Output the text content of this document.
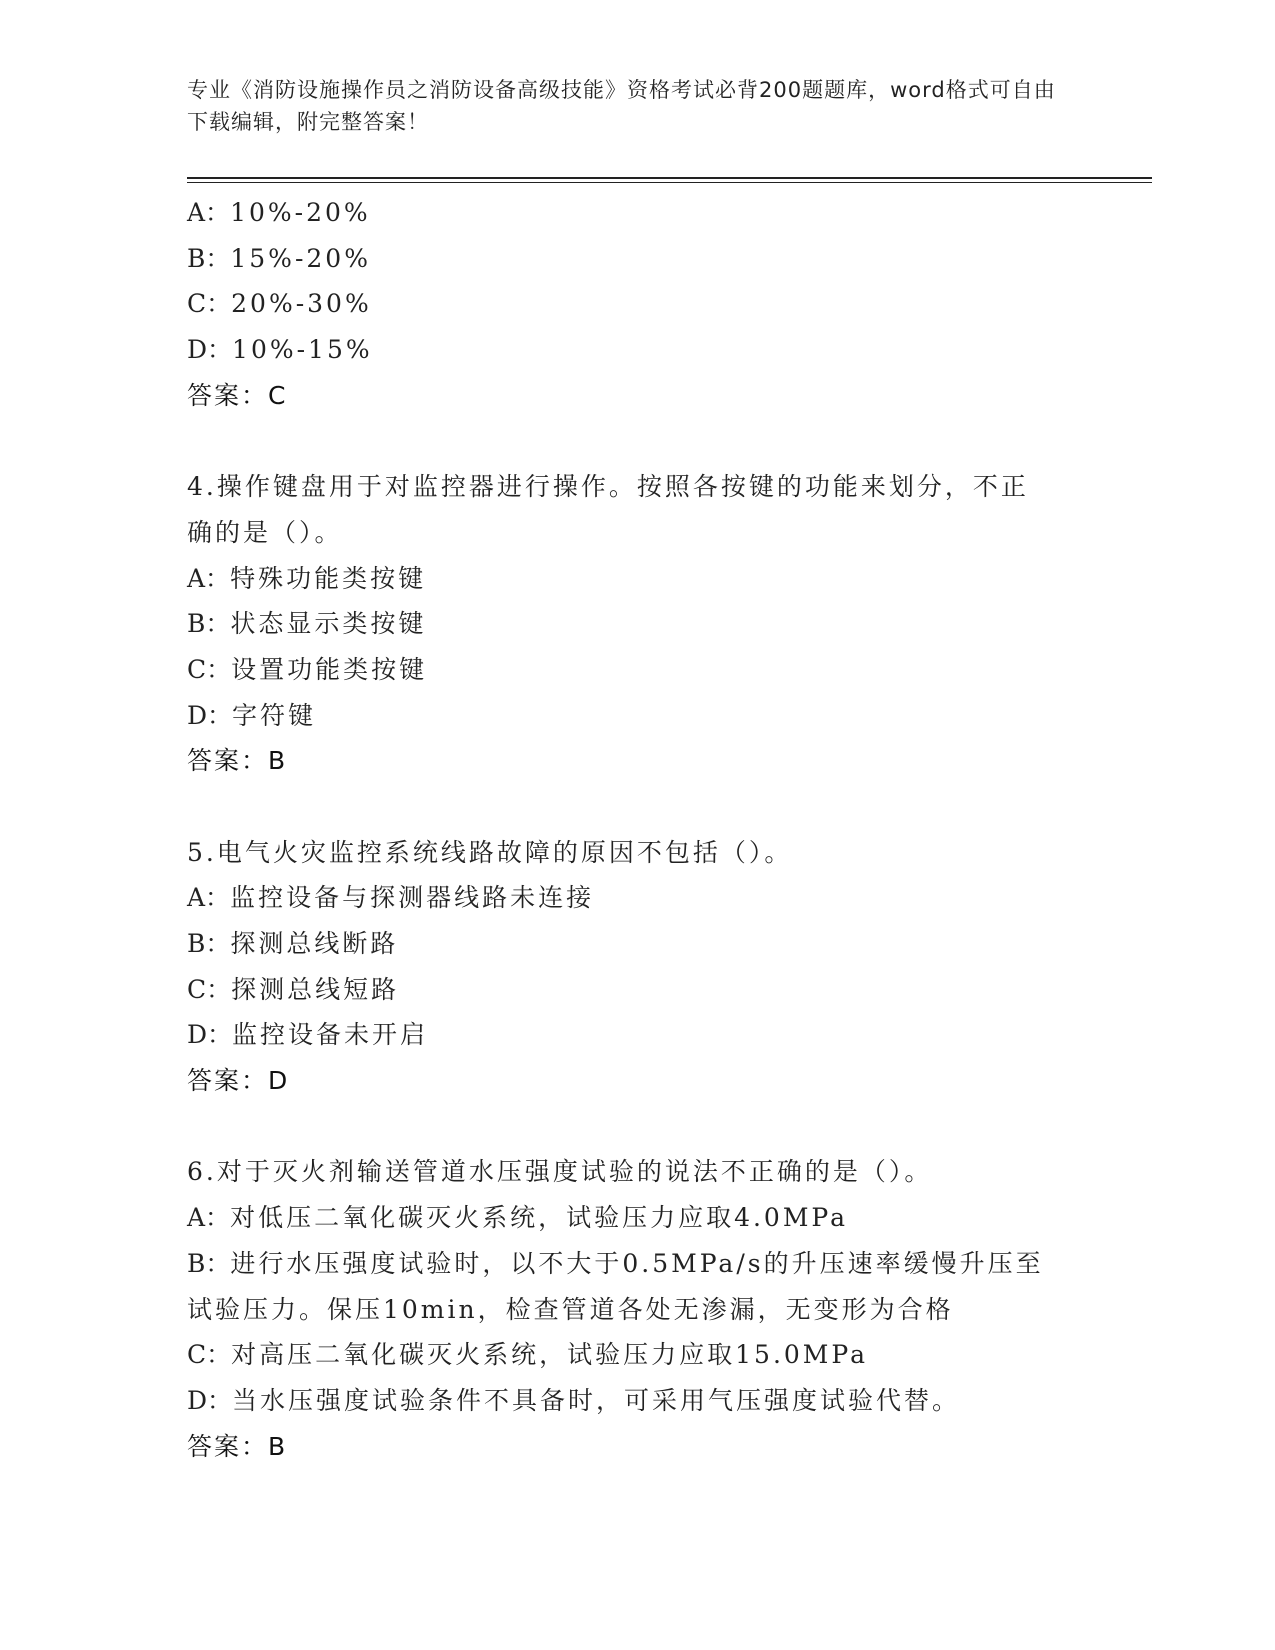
专业《消防设施操作员之消防设备高级技能》资格考试必背200题题库，word格式可自由下载编辑，附完整答案！
A：10%-20%
B：15%-20%
C：20%-30%
D：10%-15%
答案：C
4.操作键盘用于对监控器进行操作。按照各按键的功能来划分，不正
确的是（）。
A：特殊功能类按键
B：状态显示类按键
C：设置功能类按键
D：字符键
答案：B
5.电气火灾监控系统线路故障的原因不包括（）。
A：监控设备与探测器线路未连接
B：探测总线断路
C：探测总线短路
D：监控设备未开启
答案：D
6.对于灭火剂输送管道水压强度试验的说法不正确的是（）。
A：对低压二氧化碳灭火系统，试验压力应取4.0MPa
B：进行水压强度试验时，以不大于0.5MPa/s的升压速率缓慢升压至
试验压力。保压10min，检查管道各处无渗漏，无变形为合格
C：对高压二氧化碳灭火系统，试验压力应取15.0MPa
D：当水压强度试验条件不具备时，可采用气压强度试验代替。
答案：B
